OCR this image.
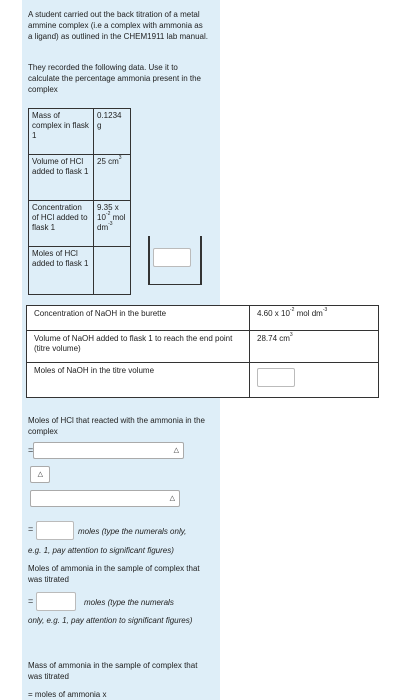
A student carried out the back titration of a metal ammine complex (i.e a complex with ammonia as a ligand) as outlined in the CHEM1911 lab manual.
They recorded the following data. Use it to calculate the percentage ammonia present in the complex
Mass of complex in flask 1	0.1234 g
Volume of HCl added to flask 1	25 $cm^3$
Concentration of HCl added to flask 1	9.35 x $10^{-2}$ mol $dm^{-3}$
Moles of HCl added to flask 1	
Concentration of NaOH in the burette	4.60 x $10^{-2}$ mol $dm^{-3}$
Volume of NaOH added to flask 1 to reach the end point (titre volume)	28.74 $cm^3$
Moles of NaOH in the titre volume	
Moles of HCl that reacted with the ammonia in the complex
=	△

△
△
=	moles (type the numerals only,
e.g. 1, pay attention to significant figures)
Moles of ammonia in the sample of complex that was titrated
=	moles (type the numerals
only, e.g. 1, pay attention to significant figures)
Mass of ammonia in the sample of complex that was titrated
= moles of ammonia x
